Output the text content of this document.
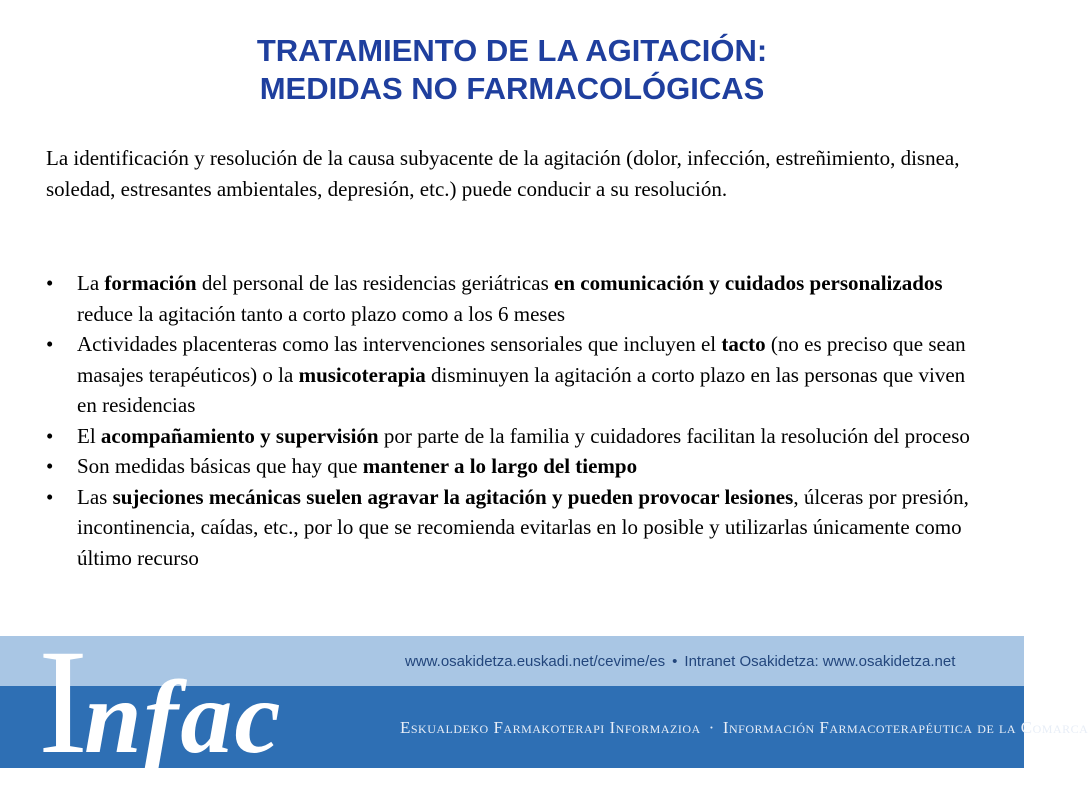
TRATAMIENTO DE LA AGITACIÓN:
MEDIDAS NO FARMACOLÓGICAS

La identificación y resolución de la causa subyacente de la agitación (dolor, infección, estreñimiento, disnea, soledad, estresantes ambientales, depresión, etc.) puede conducir a su resolución.

• La formación del personal de las residencias geriátricas en comunicación y cuidados personalizados reduce la agitación tanto a corto plazo como a los 6 meses
• Actividades placenteras como las intervenciones sensoriales que incluyen el tacto (no es preciso que sean masajes terapéuticos) o la musicoterapia disminuyen la agitación a corto plazo en las personas que viven en residencias
• El acompañamiento y supervisión por parte de la familia y cuidadores facilitan la resolución del proceso
• Son medidas básicas que hay que mantener a lo largo del tiempo
• Las sujeciones mecánicas suelen agravar la agitación y pueden provocar lesiones, úlceras por presión, incontinencia, caídas, etc., por lo que se recomienda evitarlas en lo posible y utilizarlas únicamente como último recurso
www.osakidetza.euskadi.net/cevime/es • Intranet Osakidetza: www.osakidetza.net
Infac	Eskualdeko Farmakoterapi Informazioa · Información Farmacoterapéutica de la Comarca
